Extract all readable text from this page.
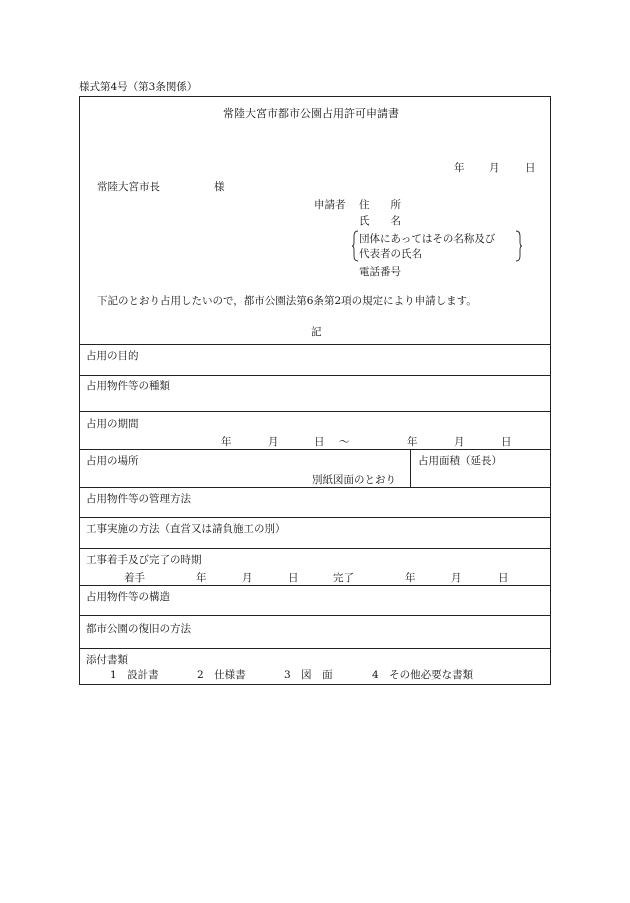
様式第4号（第3条関係）
常陸大宮市都市公園占用許可申請書
年 月 日
常陸大宮市長	様
申請者 住　　所
氏　　名
団体にあってはその名称及び
代表者の氏名
電話番号
下記のとおり占用したいので，都市公園法第6条第2項の規定により申請します。
記
占用の目的
占用物件等の種類
占用の期間
年	月	日 ～	年	月	日
占用の場所
別紙図面のとおり
占用面積（延長）
占用物件等の管理方法
工事実施の方法（直営又は請負施工の別）
工事着手及び完了の時期
着手	年	月	日	完了	年	月	日
占用物件等の構造
都市公園の復旧の方法
添付書類
1　設計書	2　仕様書	3　図　面	4　その他必要な書類
